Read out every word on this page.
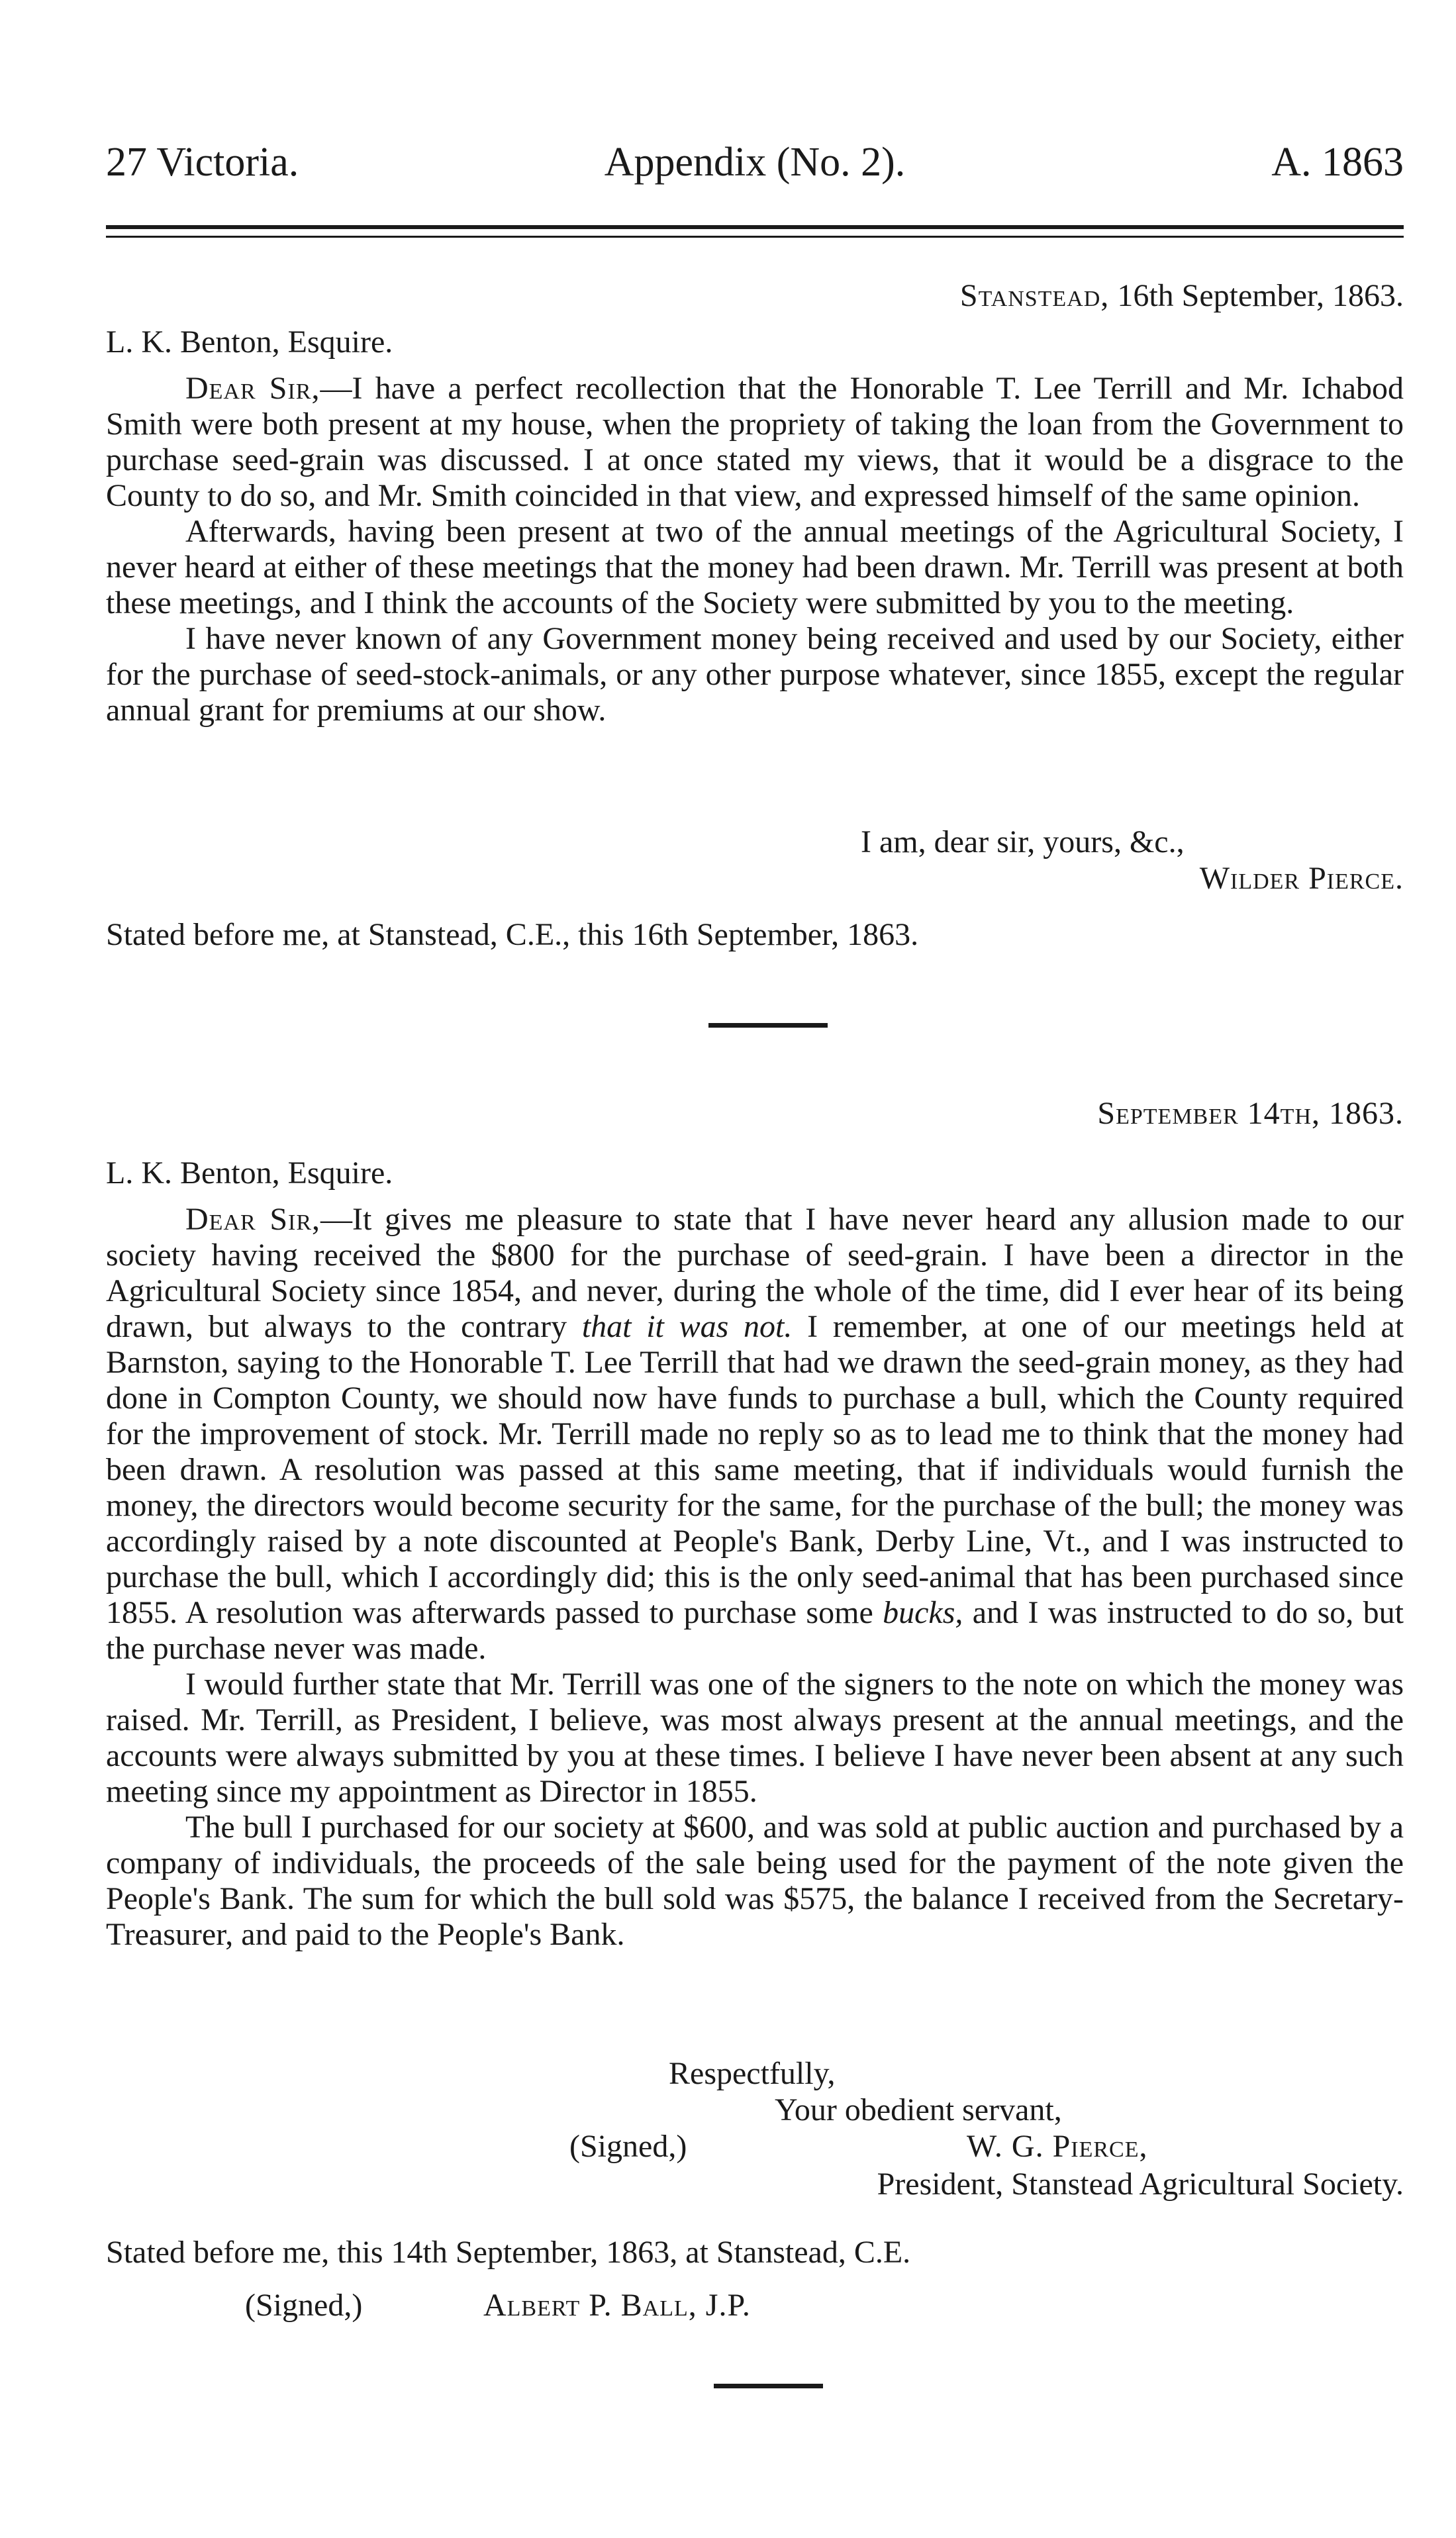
27 Victoria.	Appendix (No. 2).	A. 1863
Stanstead, 16th September, 1863.
L. K. Benton, Esquire.

Dear Sir,—I have a perfect recollection that the Honorable T. Lee Terrill and Mr. Ichabod Smith were both present at my house, when the propriety of taking the loan from the Government to purchase seed-grain was discussed. I at once stated my views, that it would be a disgrace to the County to do so, and Mr. Smith coincided in that view, and expressed himself of the same opinion.

Afterwards, having been present at two of the annual meetings of the Agricultural Society, I never heard at either of these meetings that the money had been drawn. Mr. Terrill was present at both these meetings, and I think the accounts of the Society were submitted by you to the meeting.

I have never known of any Government money being received and used by our Society, either for the purchase of seed-stock-animals, or any other purpose whatever, since 1855, except the regular annual grant for premiums at our show.

I am, dear sir, yours, &c.,
Wilder Pierce.
Stated before me, at Stanstead, C.E., this 16th September, 1863.
September 14th, 1863.
L. K. Benton, Esquire.

Dear Sir,—It gives me pleasure to state that I have never heard any allusion made to our society having received the $800 for the purchase of seed-grain. I have been a director in the Agricultural Society since 1854, and never, during the whole of the time, did I ever hear of its being drawn, but always to the contrary that it was not. I remember, at one of our meetings held at Barnston, saying to the Honorable T. Lee Terrill that had we drawn the seed-grain money, as they had done in Compton County, we should now have funds to purchase a bull, which the County required for the improvement of stock. Mr. Terrill made no reply so as to lead me to think that the money had been drawn. A resolution was passed at this same meeting, that if individuals would furnish the money, the directors would become security for the same, for the purchase of the bull; the money was accordingly raised by a note discounted at People's Bank, Derby Line, Vt., and I was instructed to purchase the bull, which I accordingly did; this is the only seed-animal that has been purchased since 1855. A resolution was afterwards passed to purchase some bucks, and I was instructed to do so, but the purchase never was made.

I would further state that Mr. Terrill was one of the signers to the note on which the money was raised. Mr. Terrill, as President, I believe, was most always present at the annual meetings, and the accounts were always submitted by you at these times. I believe I have never been absent at any such meeting since my appointment as Director in 1855.

The bull I purchased for our society at $600, and was sold at public auction and purchased by a company of individuals, the proceeds of the sale being used for the payment of the note given the People's Bank. The sum for which the bull sold was $575, the balance I received from the Secretary-Treasurer, and paid to the People's Bank.

Respectfully,
Your obedient servant,
(Signed,)	W. G. Pierce,
President, Stanstead Agricultural Society.
Stated before me, this 14th September, 1863, at Stanstead, C.E.
(Signed,)	Albert P. Ball, J.P.
